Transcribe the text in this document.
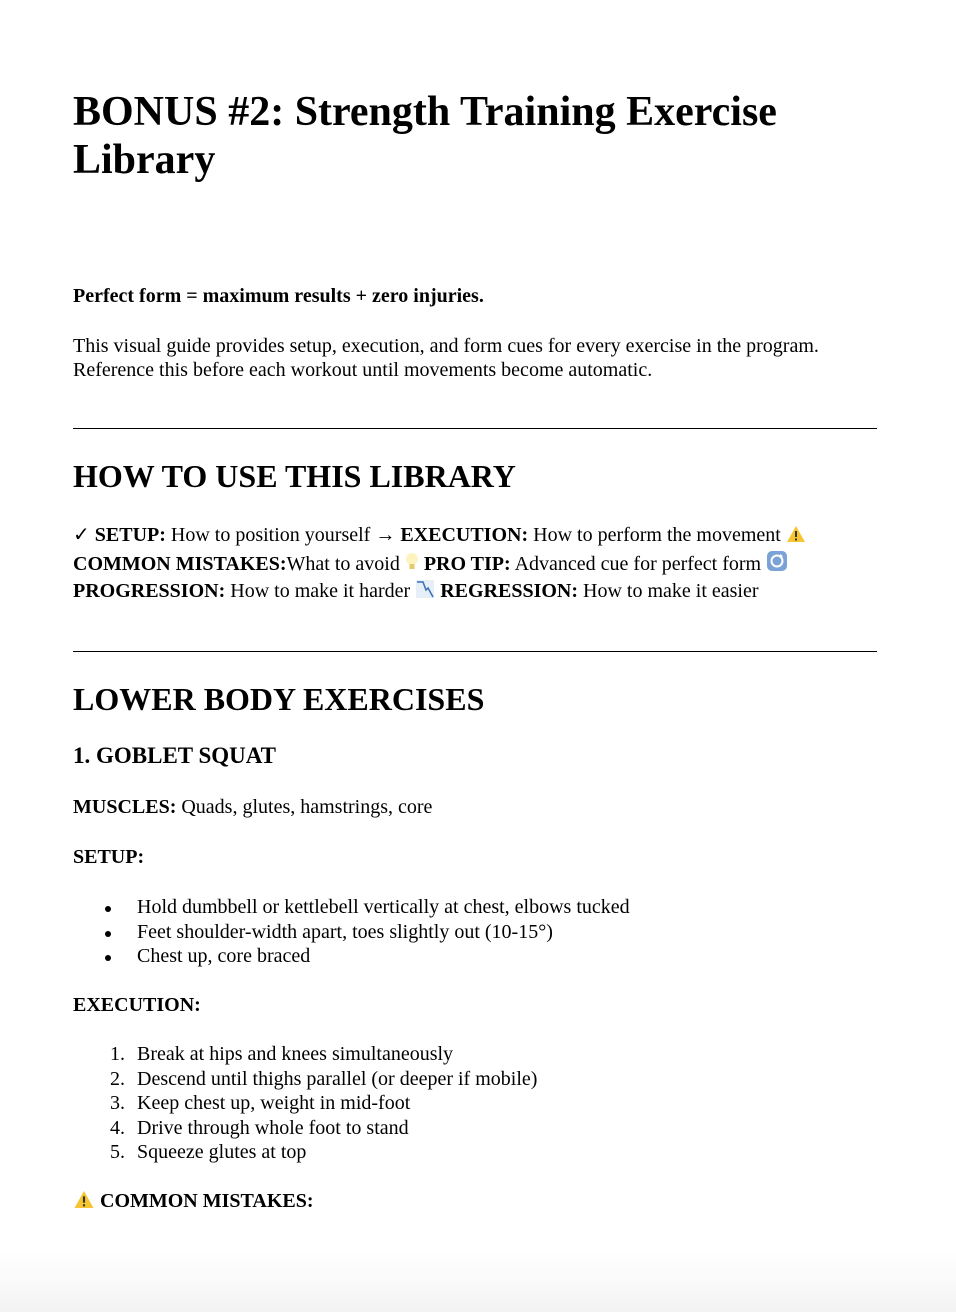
BONUS #2: Strength Training Exercise Library
Perfect form = maximum results + zero injuries.
This visual guide provides setup, execution, and form cues for every exercise in the program.
Reference this before each workout until movements become automatic.
HOW TO USE THIS LIBRARY
✓ SETUP: How to position yourself → EXECUTION: How to perform the movement
COMMON MISTAKES:What to avoid PRO TIP: Advanced cue for perfect form
PROGRESSION: How to make it harder REGRESSION: How to make it easier
LOWER BODY EXERCISES
1. GOBLET SQUAT
MUSCLES: Quads, glutes, hamstrings, core
SETUP:
Hold dumbbell or kettlebell vertically at chest, elbows tucked
Feet shoulder-width apart, toes slightly out (10-15°)
Chest up, core braced
EXECUTION:
1. Break at hips and knees simultaneously
2. Descend until thighs parallel (or deeper if mobile)
3. Keep chest up, weight in mid-foot
4. Drive through whole foot to stand
5. Squeeze glutes at top
COMMON MISTAKES:
